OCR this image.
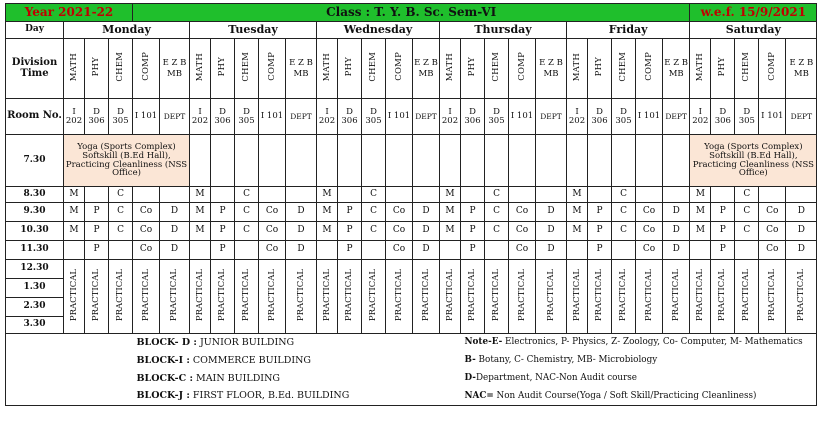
Year 2021-22				Class : T. Y. B. Sc. Sem-VI																						w.e.f. 15/9/2021				
Day	Monday					Tuesday					Wednesday					Thursday					Friday					Saturday				

Division
Time	MATH	PHY	CHEM	COMP	E Z B MB	MATH	PHY	CHEM	COMP	E Z B MB	MATH	PHY	CHEM	COMP	E Z B MB	MATH	PHY	CHEM	COMP	E Z B MB	MATH	PHY	CHEM	COMP	E Z B MB	MATH	PHY	CHEM	COMP	E Z B MB
Room No.	I 202	D 306	D 305	I 101	DEPT	I 202	D 306	D 305	I 101	DEPT	I 202	D 306	D 305	I 101	DEPT	I 202	D 306	D 305	I 101	DEPT	I 202	D 306	D 305	I 101	DEPT	I 202	D 306	D 305	I 101	DEPT
7.30	Yoga (Sports Complex) Softskill (B.Ed Hall), Practicing Cleanliness (NSS Office)																									Yoga (Sports Complex) Softskill (B.Ed Hall), Practicing Cleanliness (NSS Office)				
8.30	M		C			M		C			M		C			M		C			M		C			M		C		
9.30	M	P	C	Co	D	M	P	C	Co	D	M	P	C	Co	D	M	P	C	Co	D	M	P	C	Co	D	M	P	C	Co	D
10.30	M	P	C	Co	D	M	P	C	Co	D	M	P	C	Co	D	M	P	C	Co	D	M	P	C	Co	D	M	P	C	Co	D
11.30		P		Co	D		P		Co	D		P		Co	D		P		Co	D		P		Co	D		P		Co	D
12.30	PRACTICAL	PRACTICAL	PRACTICAL	PRACTICAL	PRACTICAL	PRACTICAL	PRACTICAL	PRACTICAL	PRACTICAL	PRACTICAL	PRACTICAL	PRACTICAL	PRACTICAL	PRACTICAL	PRACTICAL	PRACTICAL	PRACTICAL	PRACTICAL	PRACTICAL	PRACTICAL	PRACTICAL	PRACTICAL	PRACTICAL	PRACTICAL	PRACTICAL	PRACTICAL	PRACTICAL	PRACTICAL	PRACTICAL	PRACTICAL
1.30																														
2.30																														
3.30																														
				BLOCK- D : JUNIOR BUILDING													Note-E- Electronics, P- Physics, Z- Zoology, Co- Computer, M- Mathematics													
				BLOCK-I : COMMERCE BUILDING													B- Botany, C- Chemistry, MB- Microbiology													
				BLOCK-C : MAIN BUILDING													D-Department, NAC-Non Audit course													
				BLOCK-J : FIRST FLOOR, B.Ed. BUILDING													NAC= Non Audit Course(Yoga / Soft Skill/Practicing Cleanliness)													
